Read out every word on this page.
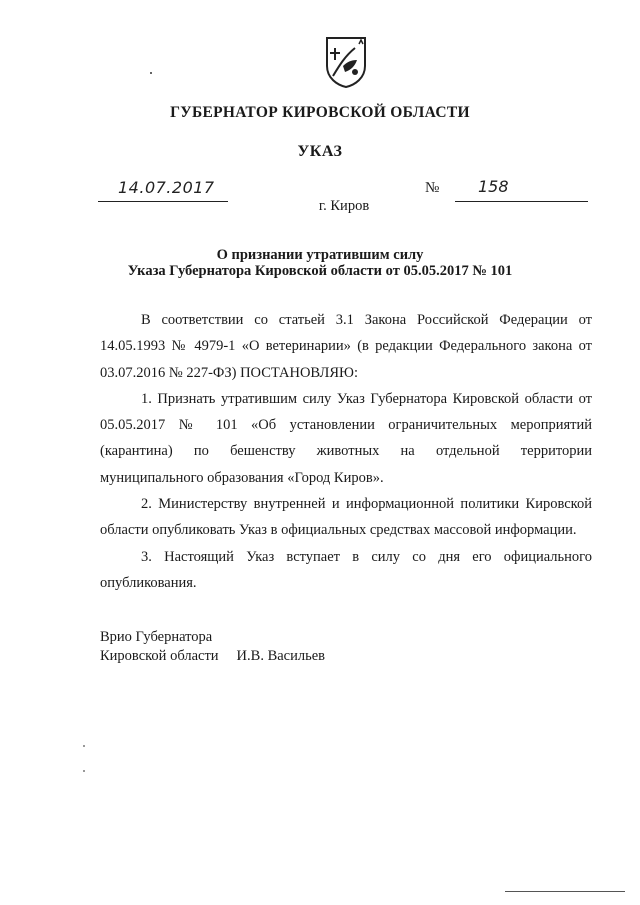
ГУБЕРНАТОР КИРОВСКОЙ ОБЛАСТИ
УКАЗ
14.07.2017	№ 158
г. Киров
О признании утратившим силу
Указа Губернатора Кировской области от 05.05.2017 № 101

В соответствии со статьей 3.1 Закона Российской Федерации от 14.05.1993 № 4979-1 «О ветеринарии» (в редакции Федерального закона от 03.07.2016 № 227-ФЗ) ПОСТАНОВЛЯЮ:

1. Признать утратившим силу Указ Губернатора Кировской области от 05.05.2017 № 101 «Об установлении ограничительных мероприятий (карантина) по бешенству животных на отдельной территории муниципального образования «Город Киров».

2. Министерству внутренней и информационной политики Кировской области опубликовать Указ в официальных средствах массовой информации.

3. Настоящий Указ вступает в силу со дня его официального опубликования.

Врио Губернатора
Кировской области И.В. Васильев
